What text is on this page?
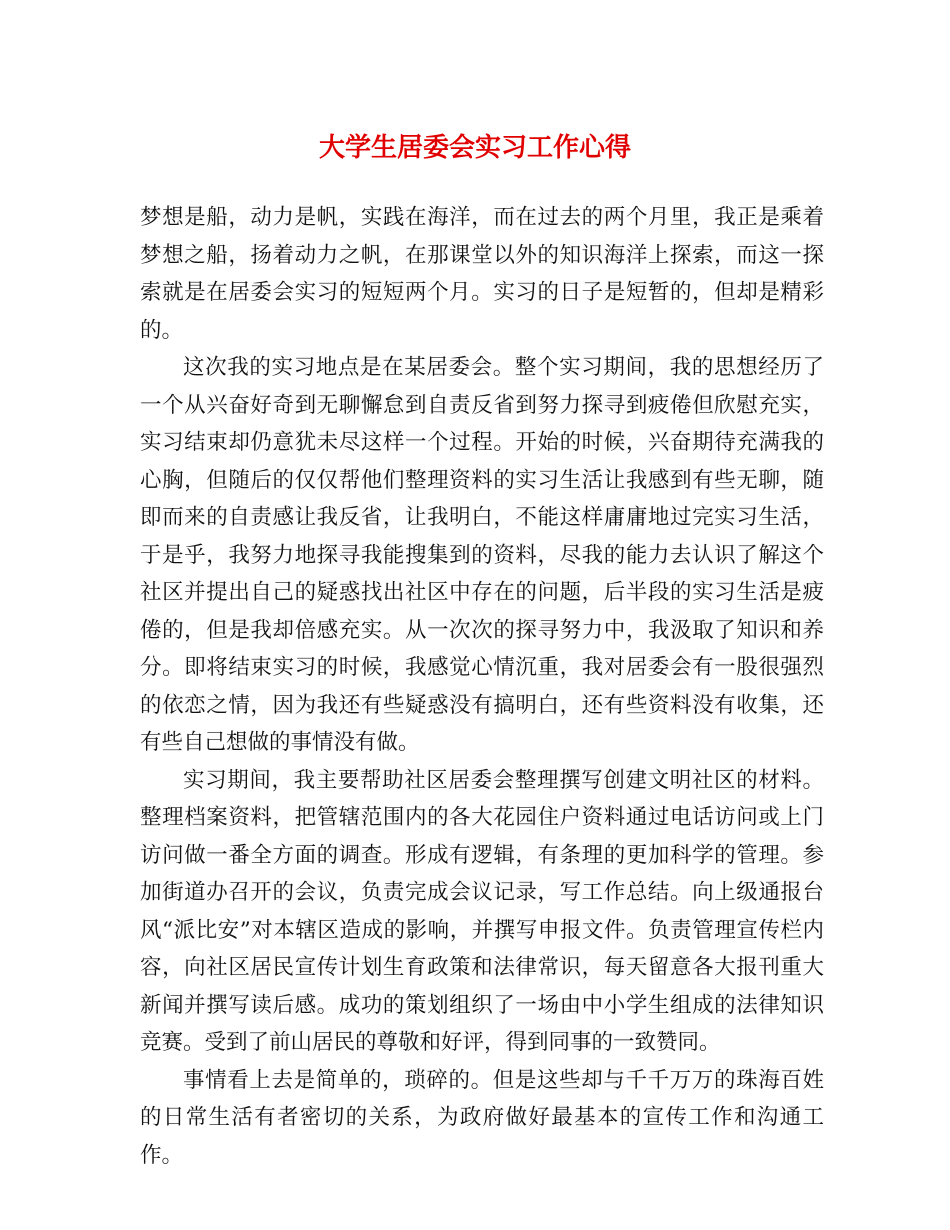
大学生居委会实习工作心得

梦想是船，动力是帆，实践在海洋，而在过去的两个月里，我正是乘着梦想之船，扬着动力之帆，在那课堂以外的知识海洋上探索，而这一探索就是在居委会实习的短短两个月。实习的日子是短暂的，但却是精彩的。

这次我的实习地点是在某居委会。整个实习期间，我的思想经历了一个从兴奋好奇到无聊懈怠到自责反省到努力探寻到疲倦但欣慰充实，实习结束却仍意犹未尽这样一个过程。开始的时候，兴奋期待充满我的心胸，但随后的仅仅帮他们整理资料的实习生活让我感到有些无聊，随即而来的自责感让我反省，让我明白，不能这样庸庸地过完实习生活，于是乎，我努力地探寻我能搜集到的资料，尽我的能力去认识了解这个社区并提出自己的疑惑找出社区中存在的问题，后半段的实习生活是疲倦的，但是我却倍感充实。从一次次的探寻努力中，我汲取了知识和养分。即将结束实习的时候，我感觉心情沉重，我对居委会有一股很强烈的依恋之情，因为我还有些疑惑没有搞明白，还有些资料没有收集，还有些自己想做的事情没有做。

实习期间，我主要帮助社区居委会整理撰写创建文明社区的材料。整理档案资料，把管辖范围内的各大花园住户资料通过电话访问或上门访问做一番全方面的调查。形成有逻辑，有条理的更加科学的管理。参加街道办召开的会议，负责完成会议记录，写工作总结。向上级通报台风“派比安”对本辖区造成的影响，并撰写申报文件。负责管理宣传栏内容，向社区居民宣传计划生育政策和法律常识，每天留意各大报刊重大新闻并撰写读后感。成功的策划组织了一场由中小学生组成的法律知识竞赛。受到了前山居民的尊敬和好评，得到同事的一致赞同。

事情看上去是简单的，琐碎的。但是这些却与千千万万的珠海百姓的日常生活有者密切的关系，为政府做好最基本的宣传工作和沟通工作。
